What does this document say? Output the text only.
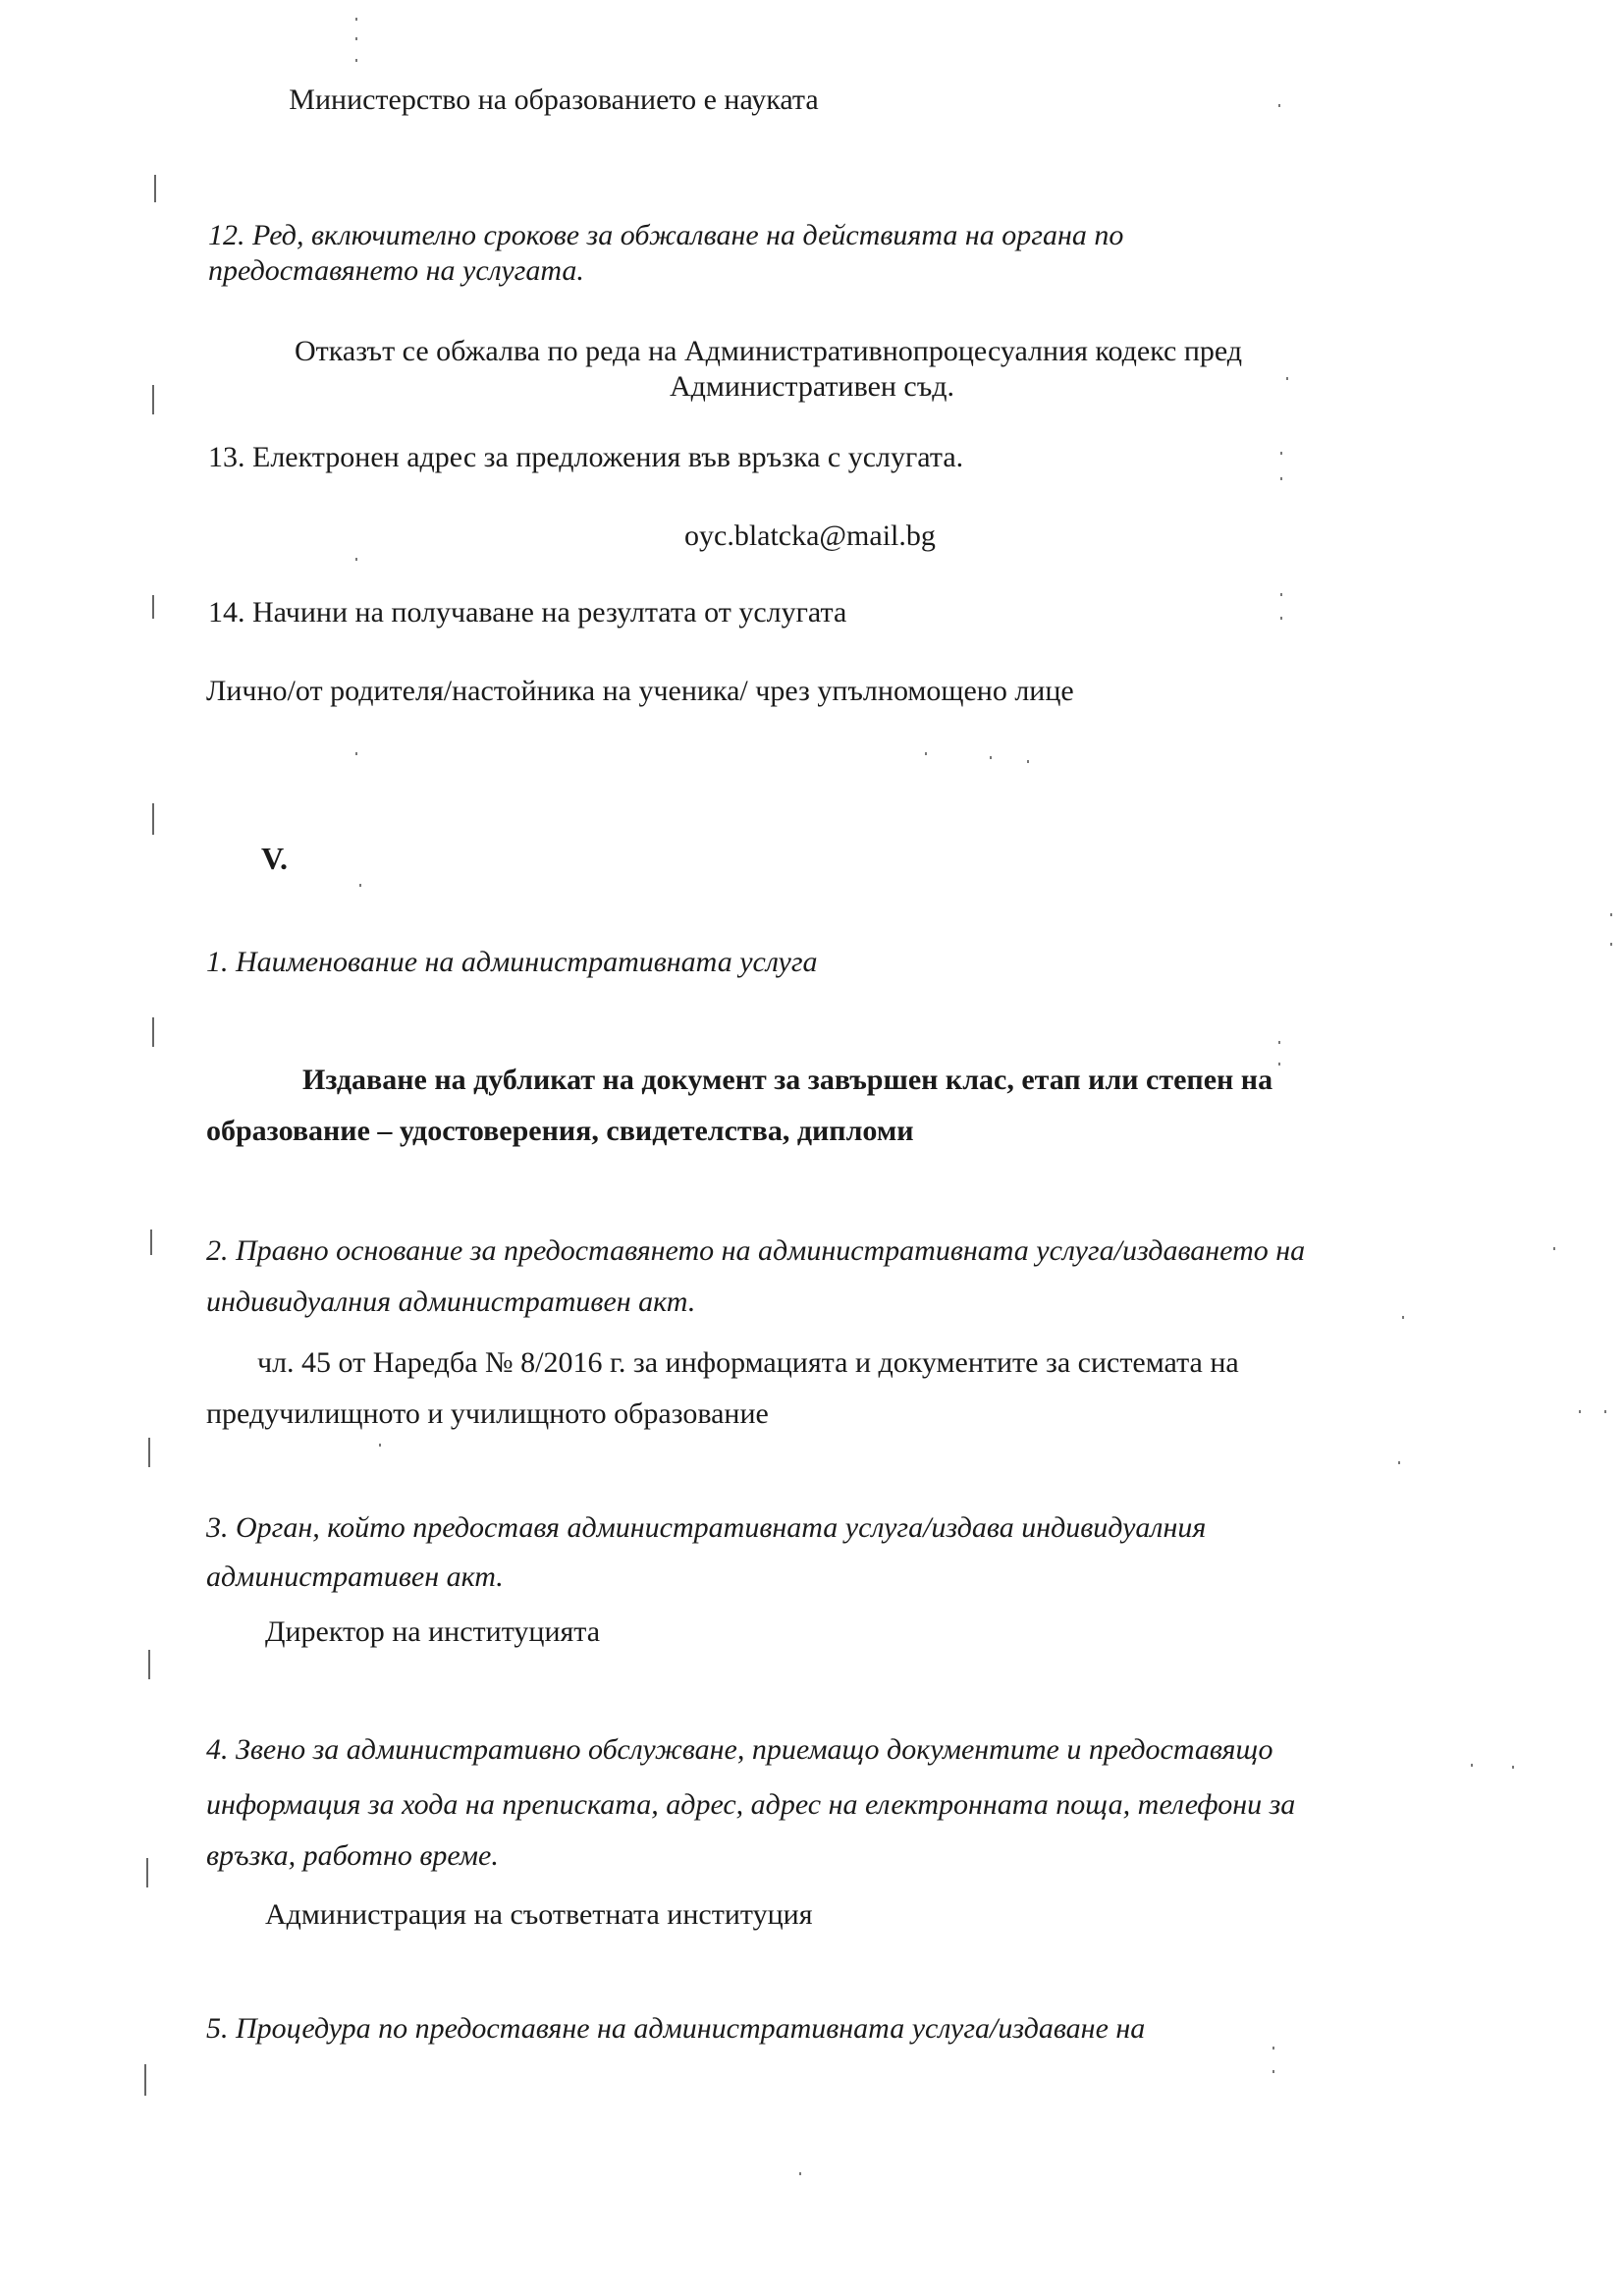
Министерство на образованието е науката
12. Ред, включително срокове за обжалване на действията на органа по
предоставянето на услугата.
Отказът се обжалва по реда на Административнопроцесуалния кодекс пред
Административен съд.
13. Електронен адрес за предложения във връзка с услугата.
oyc.blatcka@mail.bg
14. Начини на получаване на резултата от услугата
Лично/от родителя/настойника на ученика/ чрез упълномощено лице
V.
1. Наименование на административната услуга
Издаване на дубликат на документ за завършен клас, етап или степен на
образование – удостоверения, свидетелства, дипломи
2. Правно основание за предоставянето на административната услуга/издаването на
индивидуалния административен акт.
чл. 45 от Наредба № 8/2016 г. за информацията и документите за системата на
предучилищното и училищното образование
3. Орган, който предоставя административната услуга/издава индивидуалния
административен акт.
Директор на институцията
4. Звено за административно обслужване, приемащо документите и предоставящо
информация за хода на преписката, адрес, адрес на електронната поща, телефони за
връзка, работно време.
Администрация на съответната институция
5. Процедура по предоставяне на административната услуга/издаване на
